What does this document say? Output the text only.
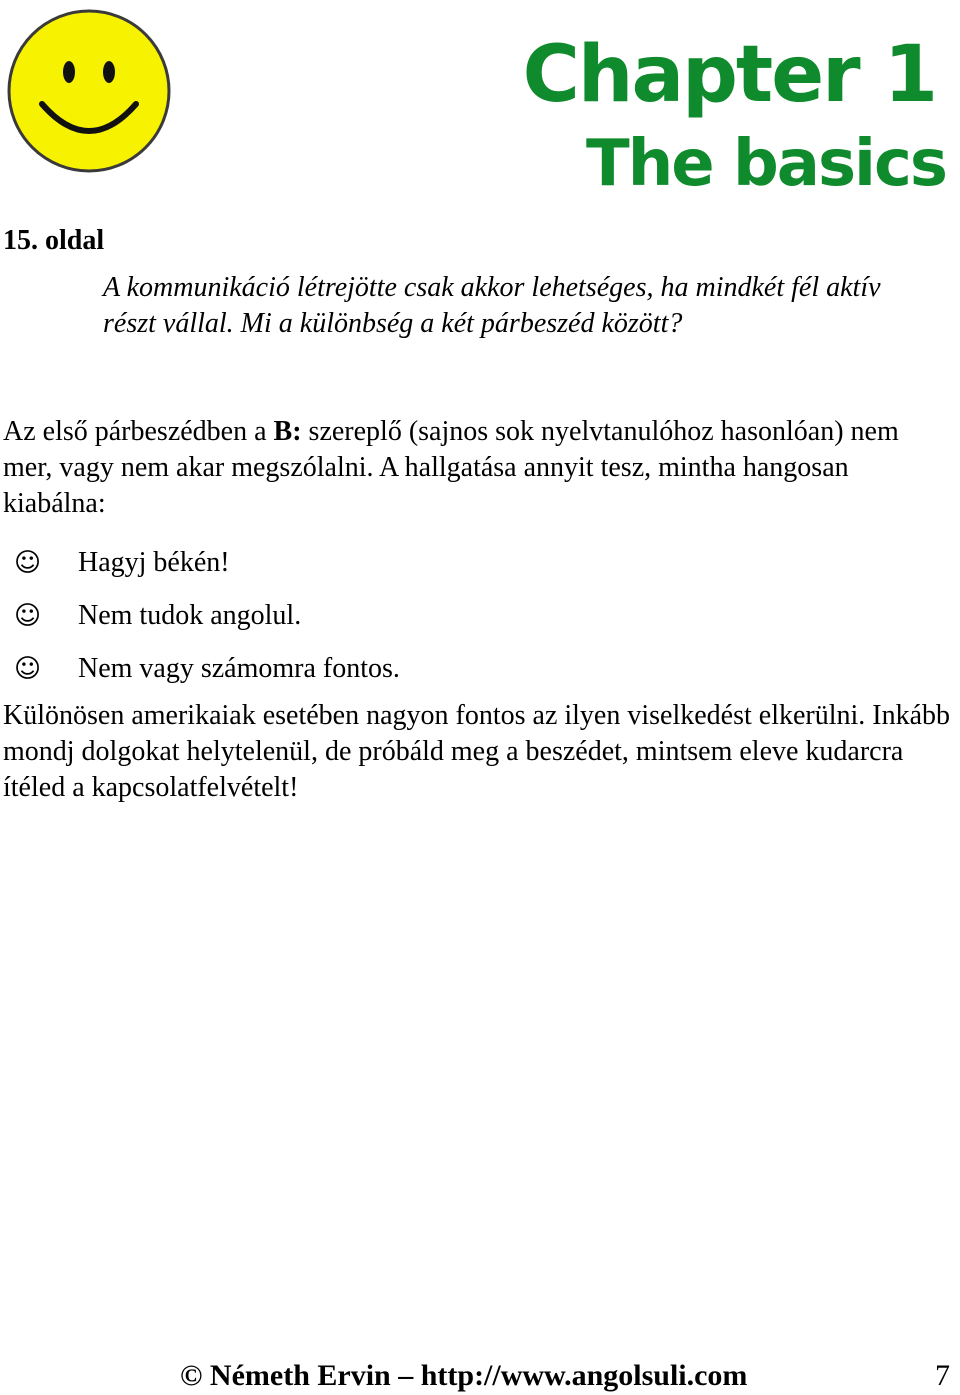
Chapter 1
The basics
15. oldal
A kommunikáció létrejötte csak akkor lehetséges, ha mindkét fél aktív részt vállal. Mi a különbség a két párbeszéd között?
Az első párbeszédben a B: szereplő (sajnos sok nyelvtanulóhoz hasonlóan) nem mer, vagy nem akar megszólalni. A hallgatása annyit tesz, mintha hangosan kiabálna:
☺	Hagyj békén!
☺	Nem tudok angolul.
☺	Nem vagy számomra fontos.
Különösen amerikaiak esetében nagyon fontos az ilyen viselkedést elkerülni. Inkább mondj dolgokat helytelenül, de próbáld meg a beszédet, mintsem eleve kudarcra ítéled a kapcsolatfelvételt!
© Németh Ervin – http://www.angolsuli.com	7
